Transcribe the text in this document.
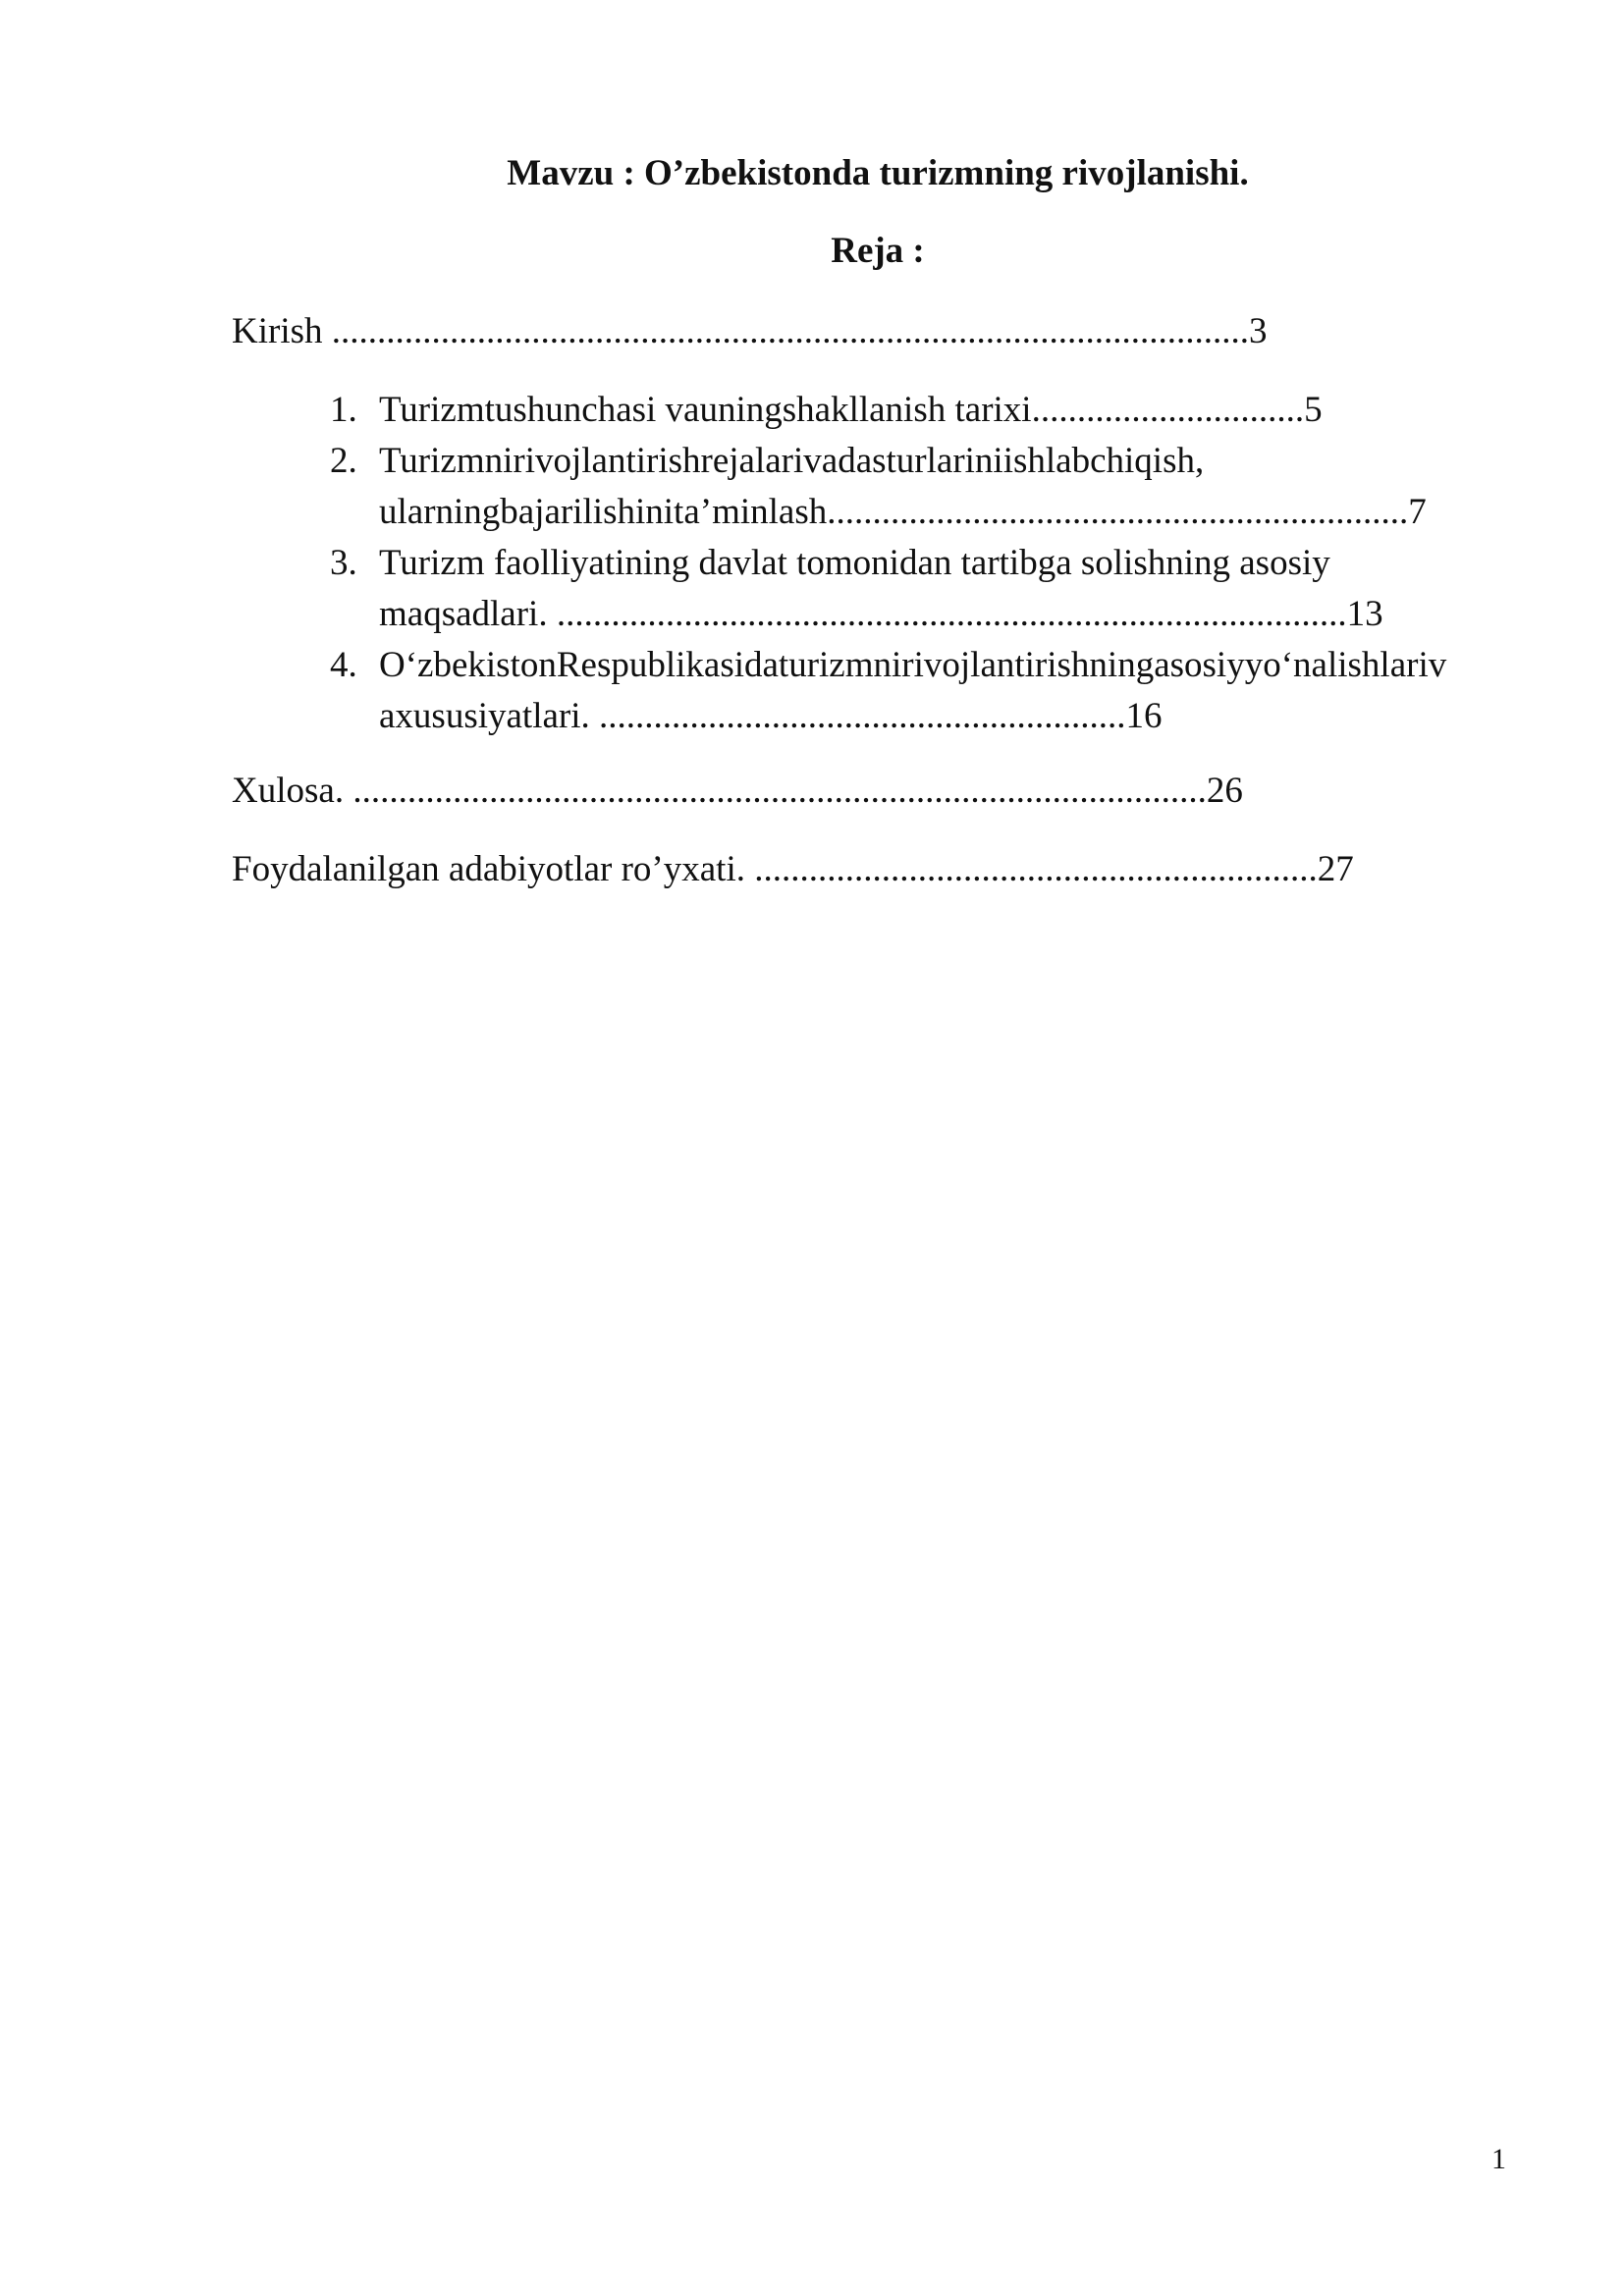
Mavzu : O’zbekistonda turizmning rivojlanishi.
Reja :
Kirish .....................................................................................................3
1. Turizmtushunchasi vauningshakllanish tarixi..............................5
2. Turizmnirivojlantirishrejalarivadasturlariniishlabchiqish,
ularningbajarilishinita’minlash................................................................7
3. Turizm faolliyatining davlat tomonidan tartibga solishning asosiy
maqsadlari. .......................................................................................13
4. O‘zbekistonRespublikasidaturizmnirivojlantirishningasosiyyo‘nalishlariv
axususiyatlari. ..........................................................16
Xulosa. ..............................................................................................26
Foydalanilgan adabiyotlar ro’yxati. ..............................................................27
1
